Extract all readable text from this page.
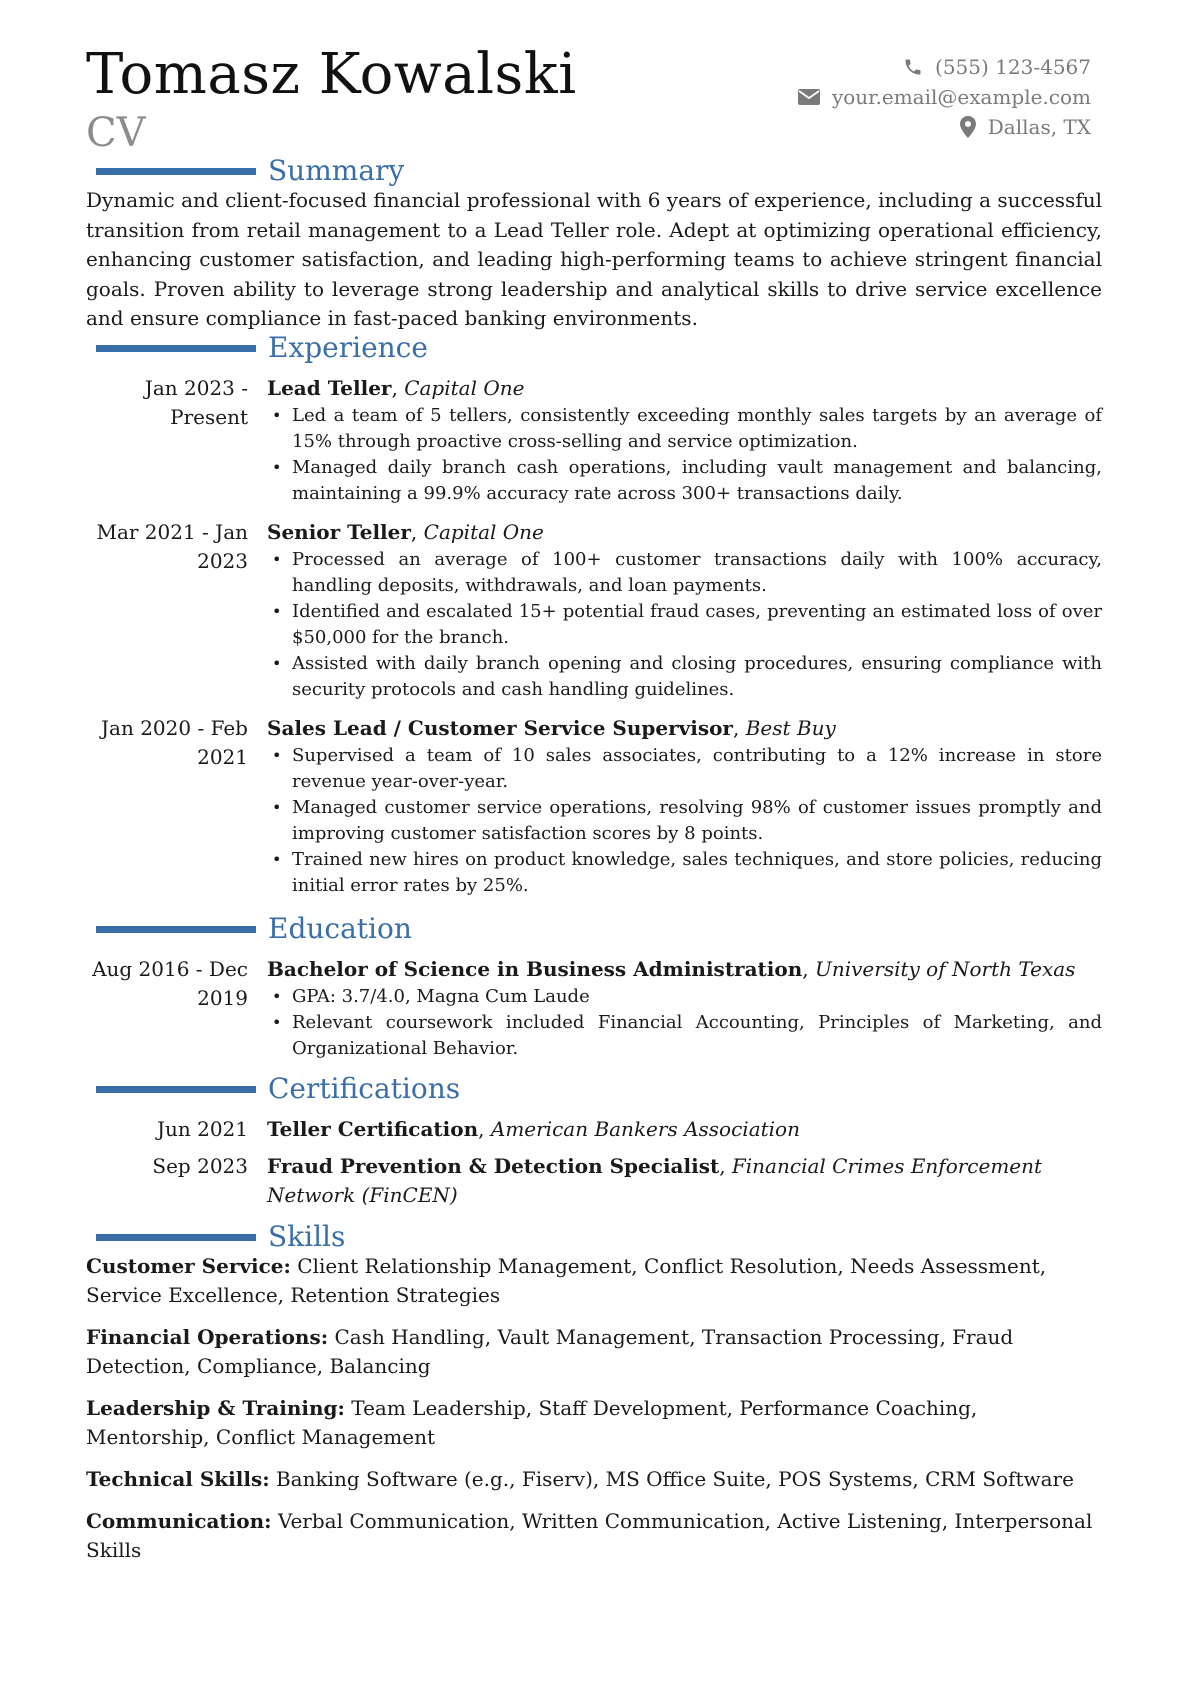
Tomasz Kowalski
CV
(555) 123-4567
your.email@example.com
Dallas, TX
Summary
Dynamic and client-focused financial professional with 6 years of experience, including a successful transition from retail management to a Lead Teller role. Adept at optimizing operational efficiency, enhancing customer satisfaction, and leading high-performing teams to achieve stringent financial goals. Proven ability to leverage strong leadership and analytical skills to drive service excellence and ensure compliance in fast-paced banking environments.
Experience
Jan 2023 - Present
Lead Teller, Capital One
• Led a team of 5 tellers, consistently exceeding monthly sales targets by an average of 15% through proactive cross-selling and service optimization.
• Managed daily branch cash operations, including vault management and balancing, maintaining a 99.9% accuracy rate across 300+ transactions daily.
Mar 2021 - Jan 2023
Senior Teller, Capital One
• Processed an average of 100+ customer transactions daily with 100% accuracy, handling deposits, withdrawals, and loan payments.
• Identified and escalated 15+ potential fraud cases, preventing an estimated loss of over $50,000 for the branch.
• Assisted with daily branch opening and closing procedures, ensuring compliance with security protocols and cash handling guidelines.
Jan 2020 - Feb 2021
Sales Lead / Customer Service Supervisor, Best Buy
• Supervised a team of 10 sales associates, contributing to a 12% increase in store revenue year-over-year.
• Managed customer service operations, resolving 98% of customer issues promptly and improving customer satisfaction scores by 8 points.
• Trained new hires on product knowledge, sales techniques, and store policies, reducing initial error rates by 25%.
Education
Aug 2016 - Dec 2019
Bachelor of Science in Business Administration, University of North Texas
• GPA: 3.7/4.0, Magna Cum Laude
• Relevant coursework included Financial Accounting, Principles of Marketing, and Organizational Behavior.
Certifications
Jun 2021 Teller Certification, American Bankers Association
Sep 2023 Fraud Prevention & Detection Specialist, Financial Crimes Enforcement Network (FinCEN)
Skills
Customer Service: Client Relationship Management, Conflict Resolution, Needs Assessment, Service Excellence, Retention Strategies
Financial Operations: Cash Handling, Vault Management, Transaction Processing, Fraud Detection, Compliance, Balancing
Leadership & Training: Team Leadership, Staff Development, Performance Coaching, Mentorship, Conflict Management
Technical Skills: Banking Software (e.g., Fiserv), MS Office Suite, POS Systems, CRM Software
Communication: Verbal Communication, Written Communication, Active Listening, Interpersonal Skills
